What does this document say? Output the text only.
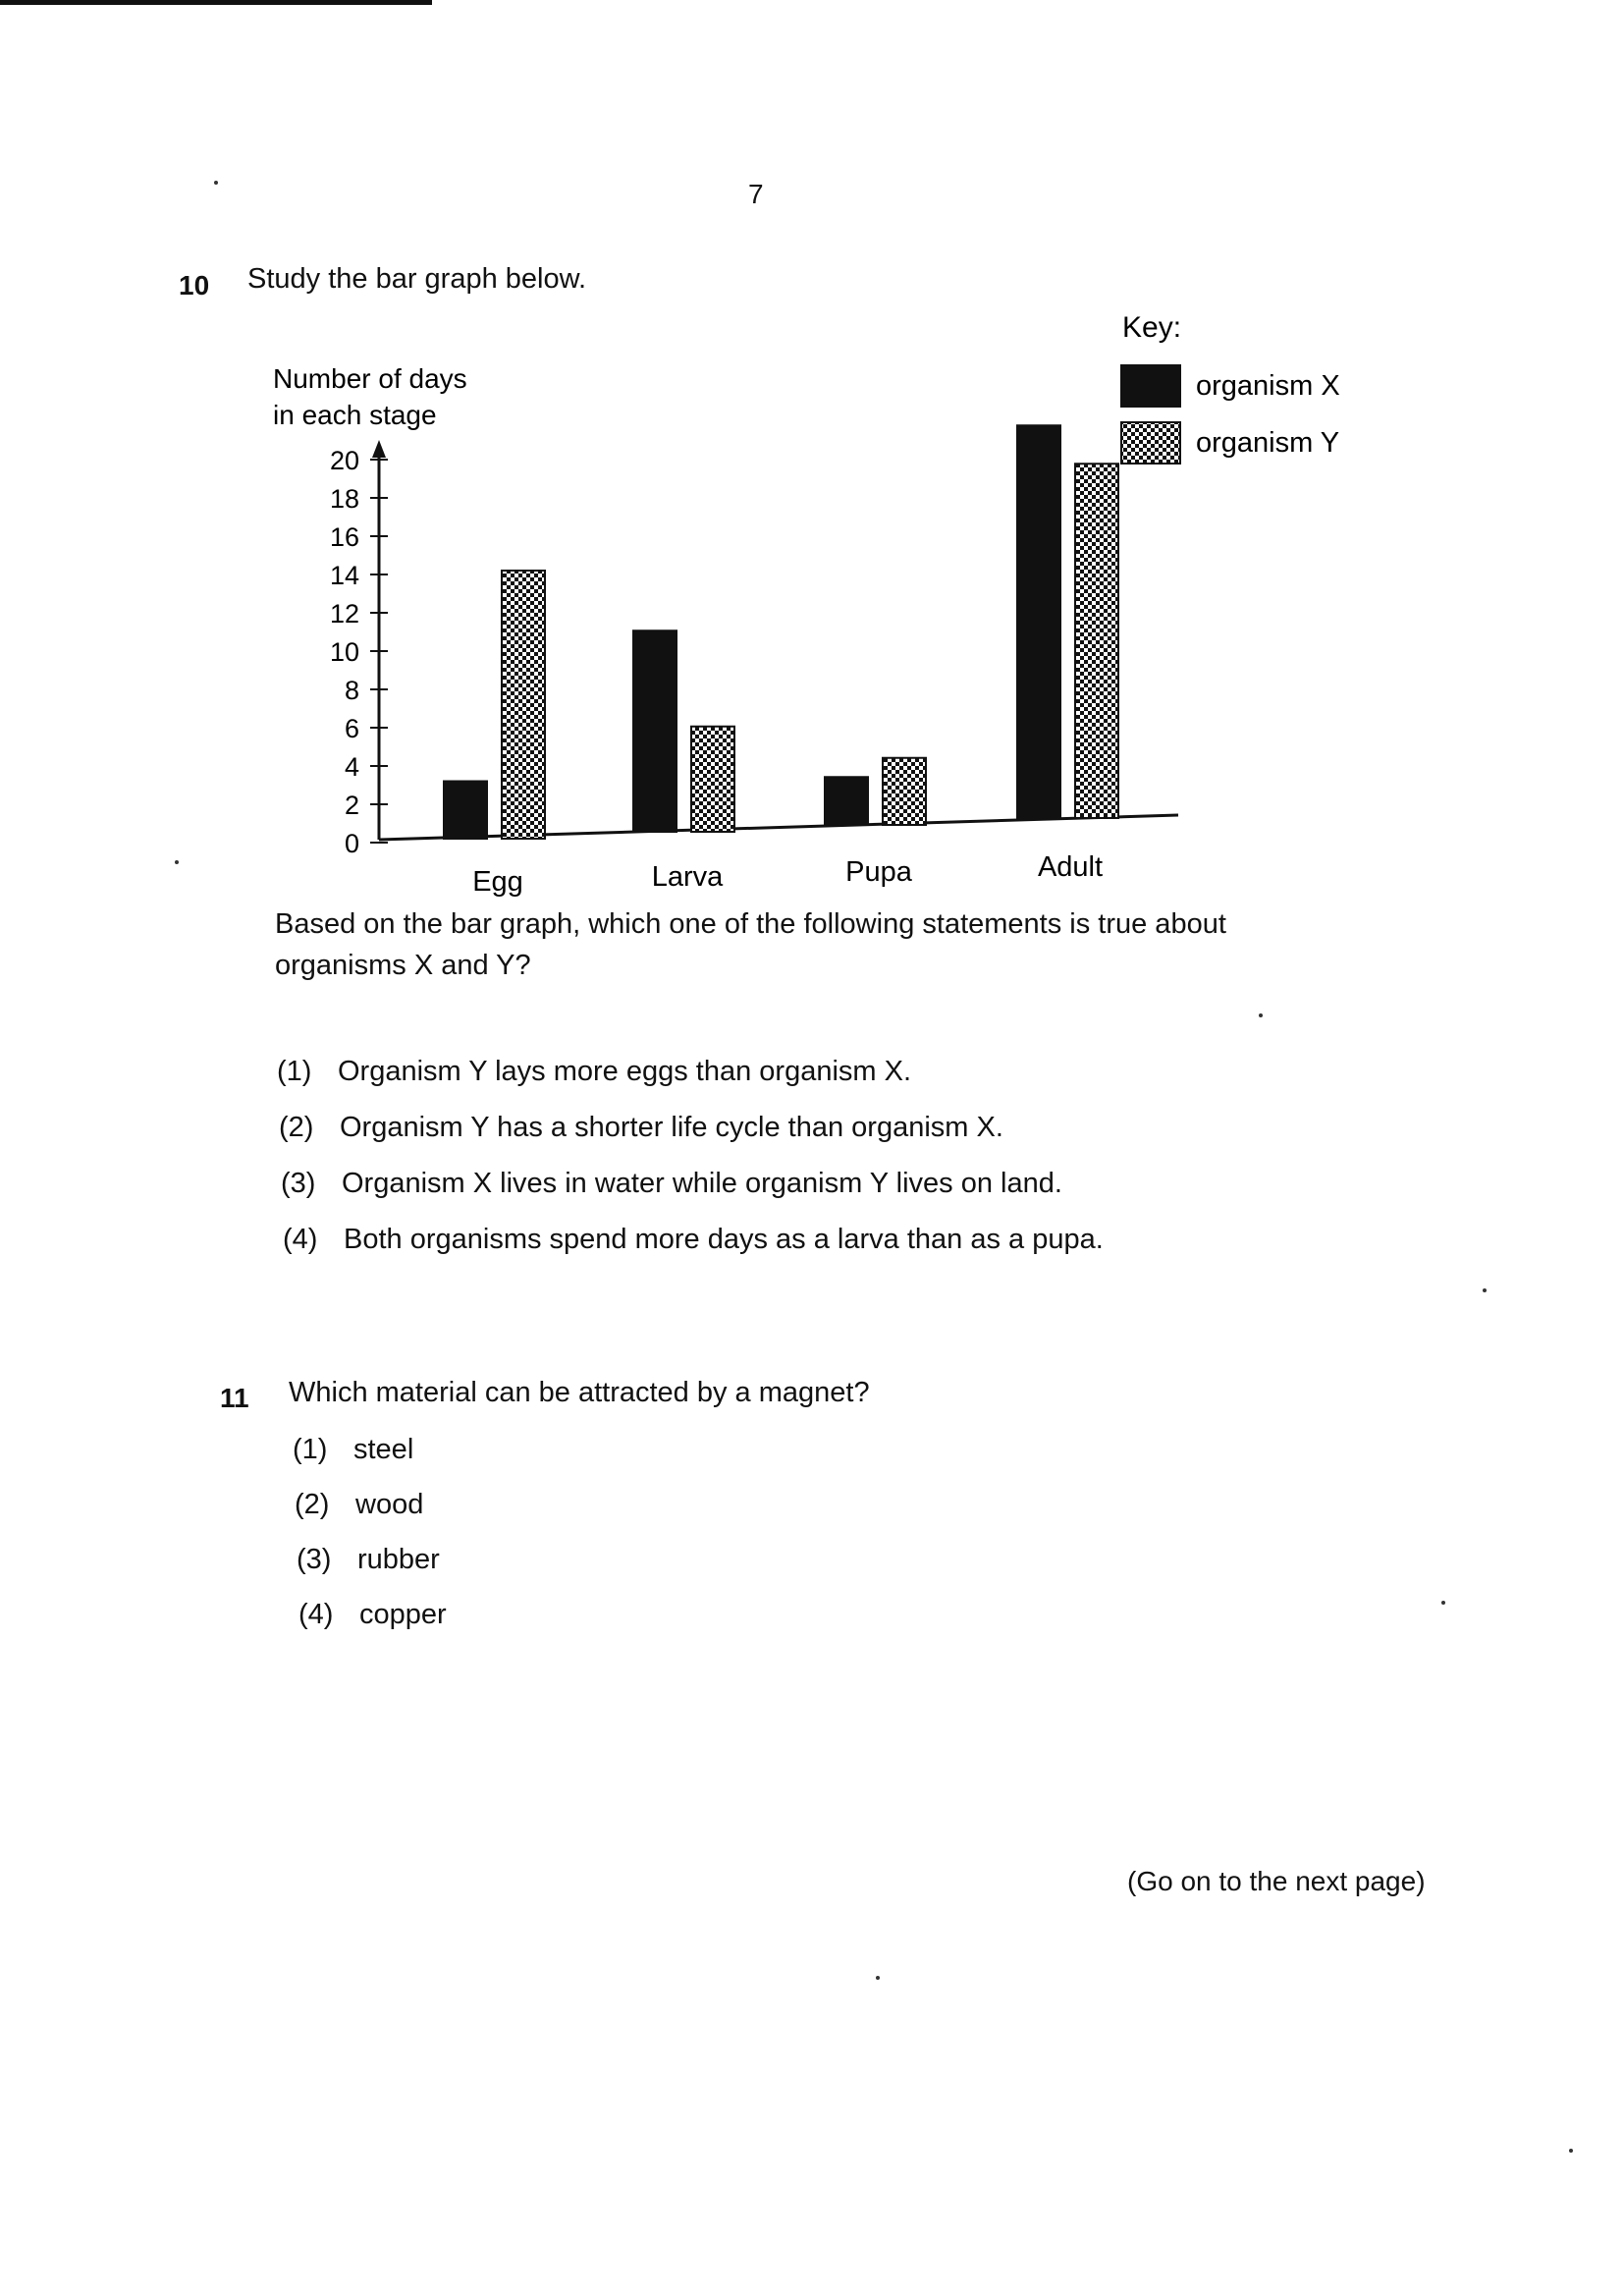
7
10 Study the bar graph below.
Number of days
in each stage
Key:
0
2
4
6
8
10
12
14
16
18
20
Egg	Larva	Pupa	Adult
organism X
organism Y
Based on the bar graph, which one of the following statements is true about organisms X and Y?
(1) Organism Y lays more eggs than organism X.
(2) Organism Y has a shorter life cycle than organism X.
(3) Organism X lives in water while organism Y lives on land.
(4) Both organisms spend more days as a larva than as a pupa.
11 Which material can be attracted by a magnet?
(1) steel
(2) wood
(3) rubber
(4) copper
(Go on to the next page)
